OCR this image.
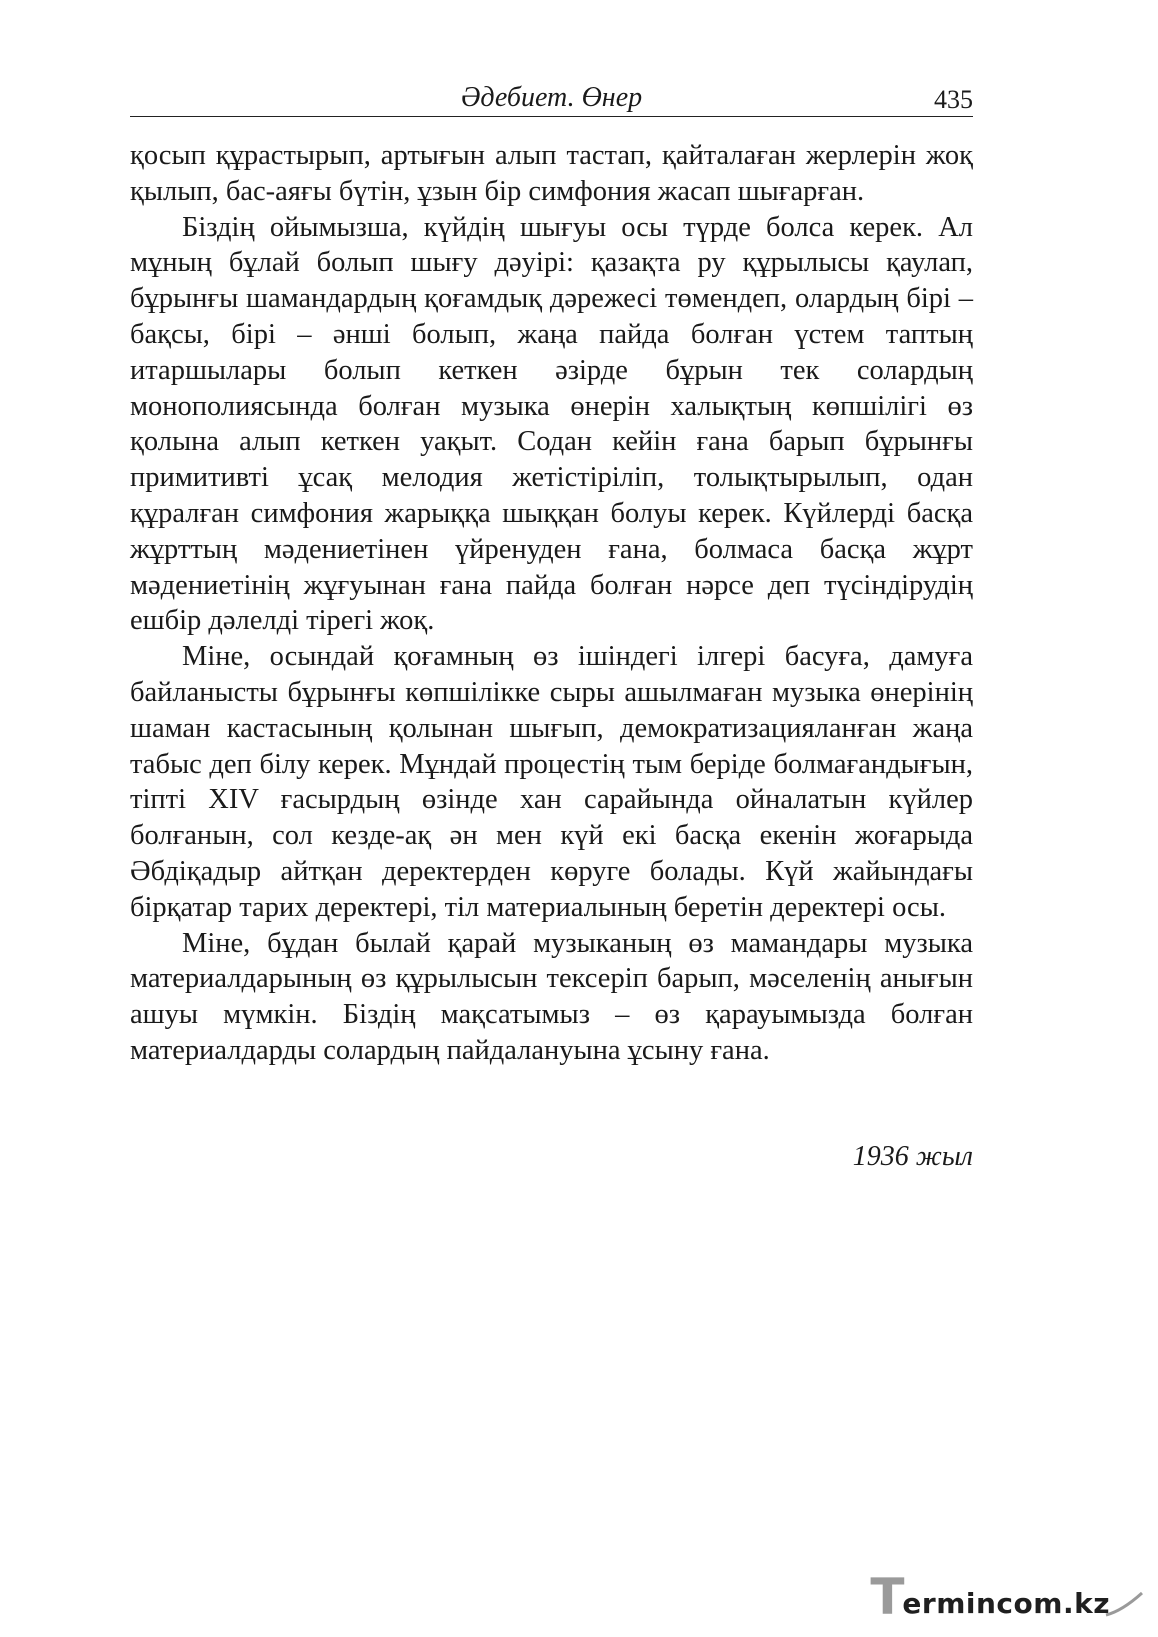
Әдебиет. Өнер	435

қосып құрастырып, артығын алып тастап, қайталаған жерлерін жоқ қылып, бас-аяғы бүтін, ұзын бір симфония жасап шығарған.

Біздің ойымызша, күйдің шығуы осы түрде болса керек. Ал мұның бұлай болып шығу дәуірі: қазақта ру құрылысы қаулап, бұрынғы шамандардың қоғамдық дәрежесі төмендеп, олардың бірі – бақсы, бірі – әнші болып, жаңа пайда болған үстем таптың итаршылары болып кеткен әзірде бұрын тек солардың монополиясында болған музыка өнерін халықтың көпшілігі өз қолына алып кеткен уақыт. Содан кейін ғана барып бұрынғы примитивті ұсақ мелодия жетістіріліп, толықтырылып, одан құралған симфония жарыққа шыққан болуы керек. Күйлерді басқа жұрттың мәдениетінен үйренуден ғана, болмаса басқа жұрт мәдениетінің жұғуынан ғана пайда болған нәрсе деп түсіндірудің ешбір дәлелді тірегі жоқ.

Міне, осындай қоғамның өз ішіндегі ілгері басуға, дамуға байланысты бұрынғы көпшілікке сыры ашылмаған музыка өнерінің шаман кастасының қолынан шығып, демократизацияланған жаңа табыс деп білу керек. Мұндай процестің тым беріде болмағандығын, тіпті XIV ғасырдың өзінде хан сарайында ойналатын күйлер болғанын, сол кезде-ақ ән мен күй екі басқа екенін жоғарыда Әбдіқадыр айтқан деректерден көруге болады. Күй жайындағы бірқатар тарих деректері, тіл материалының беретін деректері осы.

Міне, бұдан былай қарай музыканың өз мамандары музыка материалдарының өз құрылысын тексеріп барып, мәселенің анығын ашуы мүмкін. Біздің мақсатымыз – өз қарауымызда болған материалдарды солардың пайдалануына ұсыну ғана.

1936 жыл
T ermincom.kz
